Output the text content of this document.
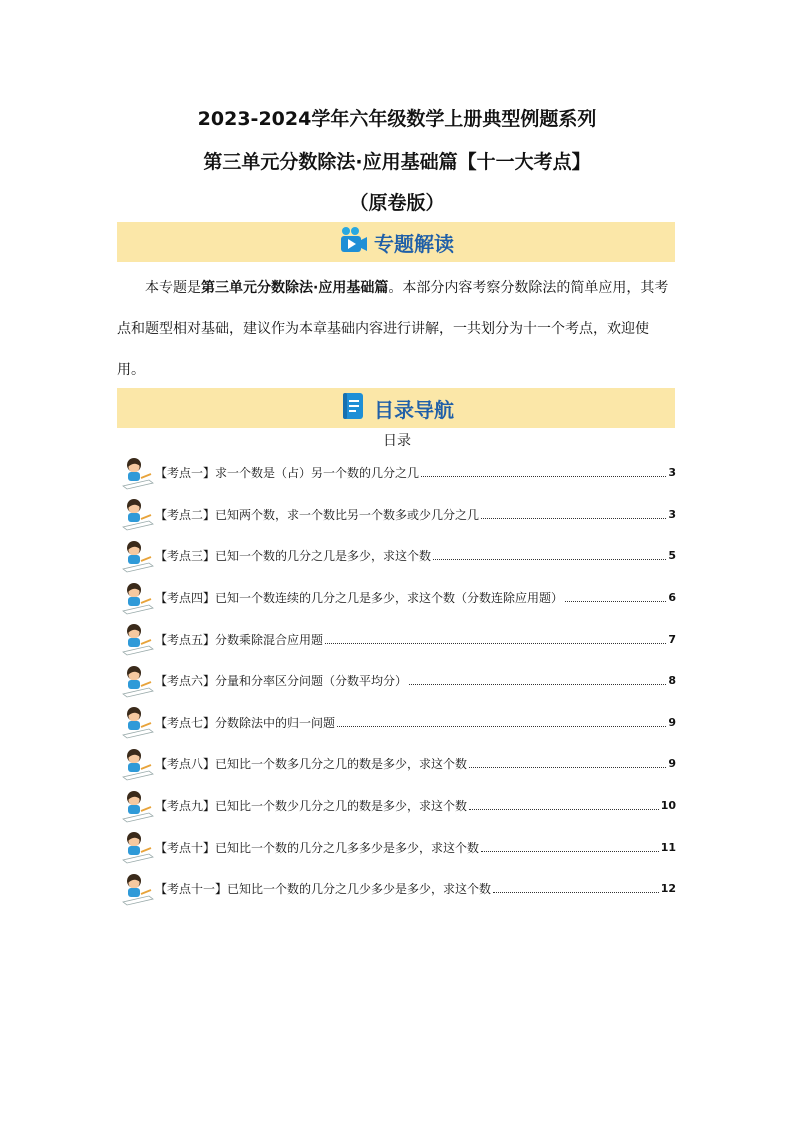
2023-2024学年六年级数学上册典型例题系列
第三单元分数除法·应用基础篇【十一大考点】
（原卷版）
专题解读
本专题是第三单元分数除法·应用基础篇。本部分内容考察分数除法的简单应用，其考点和题型相对基础，建议作为本章基础内容进行讲解，一共划分为十一个考点，欢迎使用。
目录导航
日录
【考点一】求一个数是（占）另一个数的几分之几	3
【考点二】已知两个数，求一个数比另一个数多或少几分之几	3
【考点三】已知一个数的几分之几是多少，求这个数	5
【考点四】已知一个数连续的几分之几是多少，求这个数（分数连除应用题）	6
【考点五】分数乘除混合应用题	7
【考点六】分量和分率区分问题（分数平均分）	8
【考点七】分数除法中的归一问题	9
【考点八】已知比一个数多几分之几的数是多少，求这个数	9
【考点九】已知比一个数少几分之几的数是多少，求这个数	10
【考点十】已知比一个数的几分之几多多少是多少，求这个数	11
【考点十一】已知比一个数的几分之几少多少是多少，求这个数	12
